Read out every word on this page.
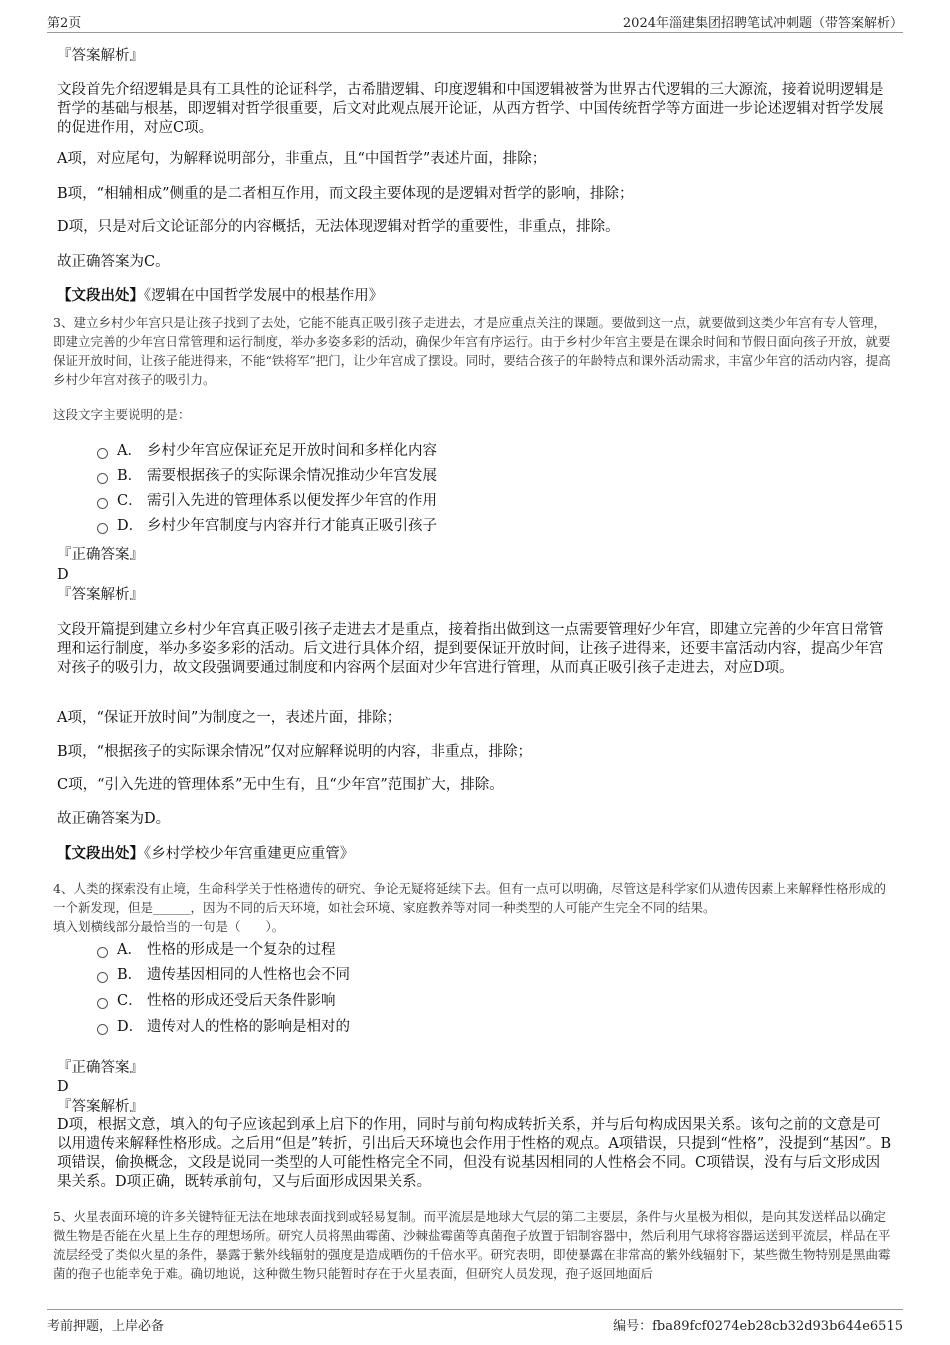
第2页	2024年淄建集团招聘笔试冲刺题（带答案解析）
『答案解析』
文段首先介绍逻辑是具有工具性的论证科学，古希腊逻辑、印度逻辑和中国逻辑被誉为世界古代逻辑的三大源流，接着说明逻辑是哲学的基础与根基，即逻辑对哲学很重要，后文对此观点展开论证，从西方哲学、中国传统哲学等方面进一步论述逻辑对哲学发展的促进作用，对应C项。
A项，对应尾句，为解释说明部分，非重点，且“中国哲学”表述片面，排除；
B项，“相辅相成”侧重的是二者相互作用，而文段主要体现的是逻辑对哲学的影响，排除；
D项，只是对后文论证部分的内容概括，无法体现逻辑对哲学的重要性，非重点，排除。
故正确答案为C。
【文段出处】《逻辑在中国哲学发展中的根基作用》
3、建立乡村少年宫只是让孩子找到了去处，它能不能真正吸引孩子走进去，才是应重点关注的课题。要做到这一点，就要做到这类少年宫有专人管理，即建立完善的少年宫日常管理和运行制度，举办多姿多彩的活动，确保少年宫有序运行。由于乡村少年宫主要是在课余时间和节假日面向孩子开放，就要保证开放时间，让孩子能进得来，不能“铁将军”把门，让少年宫成了摆设。同时，要结合孩子的年龄特点和课外活动需求，丰富少年宫的活动内容，提高乡村少年宫对孩子的吸引力。
这段文字主要说明的是：
A． 乡村少年宫应保证充足开放时间和多样化内容
B． 需要根据孩子的实际课余情况推动少年宫发展
C． 需引入先进的管理体系以便发挥少年宫的作用
D． 乡村少年宫制度与内容并行才能真正吸引孩子
『正确答案』
D
『答案解析』
文段开篇提到建立乡村少年宫真正吸引孩子走进去才是重点，接着指出做到这一点需要管理好少年宫，即建立完善的少年宫日常管理和运行制度，举办多姿多彩的活动。后文进行具体介绍，提到要保证开放时间，让孩子进得来，还要丰富活动内容，提高少年宫对孩子的吸引力，故文段强调要通过制度和内容两个层面对少年宫进行管理，从而真正吸引孩子走进去，对应D项。
A项，“保证开放时间”为制度之一，表述片面，排除；
B项，“根据孩子的实际课余情况”仅对应解释说明的内容，非重点，排除；
C项，“引入先进的管理体系”无中生有，且“少年宫”范围扩大，排除。
故正确答案为D。
【文段出处】《乡村学校少年宫重建更应重管》
4、人类的探索没有止境，生命科学关于性格遗传的研究、争论无疑将延续下去。但有一点可以明确，尽管这是科学家们从遗传因素上来解释性格形成的一个新发现，但是______，因为不同的后天环境，如社会环境、家庭教养等对同一种类型的人可能产生完全不同的结果。
填入划横线部分最恰当的一句是（　　）。
A． 性格的形成是一个复杂的过程
B． 遗传基因相同的人性格也会不同
C． 性格的形成还受后天条件影响
D． 遗传对人的性格的影响是相对的
『正确答案』
D
『答案解析』
D项，根据文意，填入的句子应该起到承上启下的作用，同时与前句构成转折关系，并与后句构成因果关系。该句之前的文意是可以用遗传来解释性格形成。之后用“但是”转折，引出后天环境也会作用于性格的观点。A项错误，只提到“性格”，没提到“基因”。B项错误，偷换概念，文段是说同一类型的人可能性格完全不同，但没有说基因相同的人性格会不同。C项错误，没有与后文形成因果关系。D项正确，既转承前句，又与后面形成因果关系。
5、火星表面环境的许多关键特征无法在地球表面找到或轻易复制。而平流层是地球大气层的第二主要层，条件与火星极为相似，是向其发送样品以确定微生物是否能在火星上生存的理想场所。研究人员将黑曲霉菌、沙棘盐霉菌等真菌孢子放置于铝制容器中，然后利用气球将容器运送到平流层，样品在平流层经受了类似火星的条件，暴露于紫外线辐射的强度是造成晒伤的千倍水平。研究表明，即使暴露在非常高的紫外线辐射下，某些微生物特别是黑曲霉菌的孢子也能幸免于难。确切地说，这种微生物只能暂时存在于火星表面，但研究人员发现，孢子返回地面后
考前押题，上岸必备	编号：fba89fcf0274eb28cb32d93b644e6515
